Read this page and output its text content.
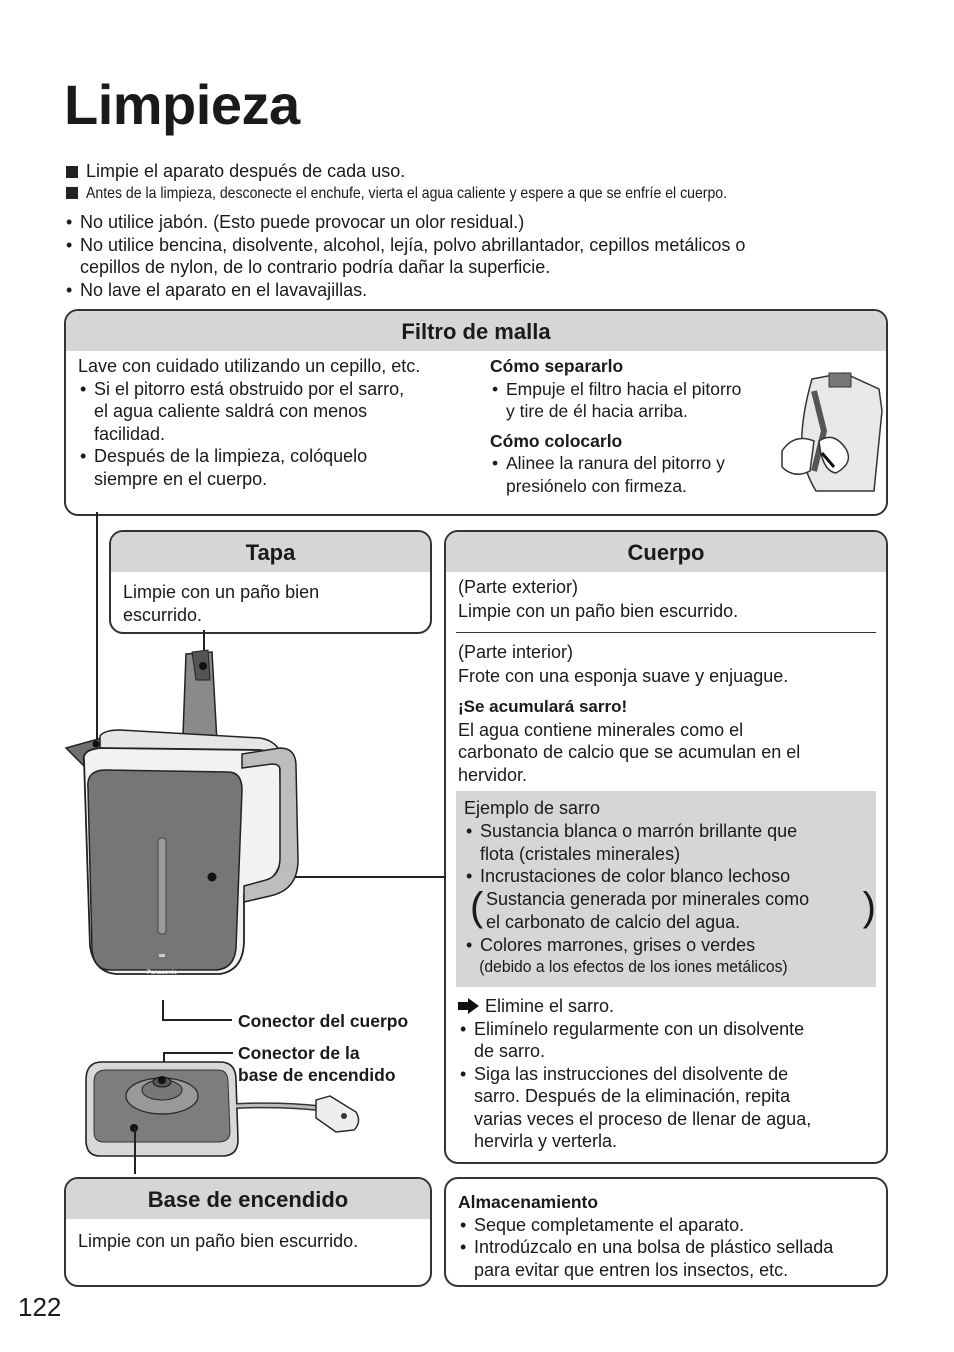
Limpieza
Limpie el aparato después de cada uso.
Antes de la limpieza, desconecte el enchufe, vierta el agua caliente y espere a que se enfríe el cuerpo.
• No utilice jabón. (Esto puede provocar un olor residual.)
• No utilice bencina, disolvente, alcohol, lejía, polvo abrillantador, cepillos metálicos o
cepillos de nylon, de lo contrario podría dañar la superficie.
• No lave el aparato en el lavavajillas.
Filtro de malla
Lave con cuidado utilizando un cepillo, etc.
• Si el pitorro está obstruido por el sarro,
el agua caliente saldrá con menos
facilidad.
• Después de la limpieza, colóquelo
siempre en el cuerpo.
Cómo separarlo
• Empuje el filtro hacia el pitorro
y tire de él hacia arriba.
Cómo colocarlo
• Alinee la ranura del pitorro y
presiónelo con firmeza.
Tapa
Limpie con un paño bien
escurrido.
Cuerpo
(Parte exterior)
Limpie con un paño bien escurrido.
(Parte interior)
Frote con una esponja suave y enjuague.
¡Se acumulará sarro!
El agua contiene minerales como el
carbonato de calcio que se acumulan en el
hervidor.
Ejemplo de sarro
• Sustancia blanca o marrón brillante que
flota (cristales minerales)
• Incrustaciones de color blanco lechoso
( Sustancia generada por minerales como
el carbonato de calcio del agua.	)
• Colores marrones, grises o verdes
(debido a los efectos de los iones metálicos)
Elimine el sarro.
• Elimínelo regularmente con un disolvente
de sarro.
• Siga las instrucciones del disolvente de
sarro. Después de la eliminación, repita
varias veces el proceso de llenar de agua,
hervirla y verterla.
Panasonic
Conector del cuerpo
Conector de la
base de encendido
Base de encendido
Limpie con un paño bien escurrido.
Almacenamiento
• Seque completamente el aparato.
• Introdúzcalo en una bolsa de plástico sellada
para evitar que entren los insectos, etc.
122
